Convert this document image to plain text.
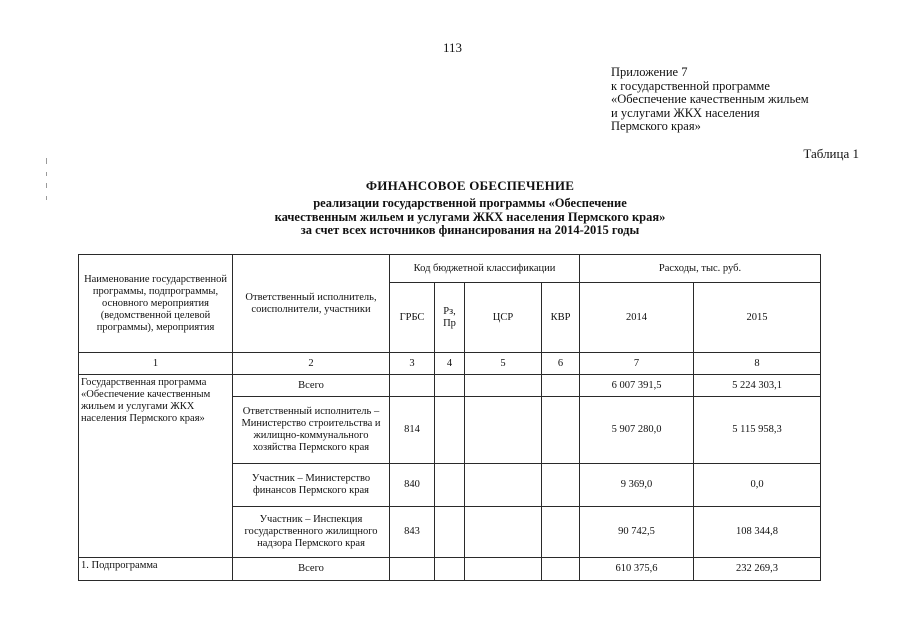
113
Приложение 7
к государственной программе
«Обеспечение качественным жильем
и услугами ЖКХ населения
Пермского края»
Таблица 1
ФИНАНСОВОЕ ОБЕСПЕЧЕНИЕ
реализации государственной программы «Обеспечение
качественным жильем и услугами ЖКХ населения Пермского края»
за счет всех источников финансирования на 2014-2015 годы
Наименование государственной программы, подпрограммы, основного мероприятия (ведомственной целевой программы), мероприятия	Ответственный исполнитель, соисполнители, участники	Код бюджетной классификации				Расходы, тыс. руб.	
		ГРБС	Рз, Пр	ЦСР	КВР	2014	2015
1	2	3	4	5	6	7	8
Государственная программа «Обеспечение качественным жильем и услугами ЖКХ населения Пермского края»	Всего					6 007 391,5	5 224 303,1
	Ответственный исполнитель – Министерство строительства и жилищно-коммунального хозяйства Пермского края	814				5 907 280,0	5 115 958,3
	Участник – Министерство финансов Пермского края	840				9 369,0	0,0
	Участник – Инспекция государственного жилищного надзора Пермского края	843				90 742,5	108 344,8
1. Подпрограмма	Всего					610 375,6	232 269,3
